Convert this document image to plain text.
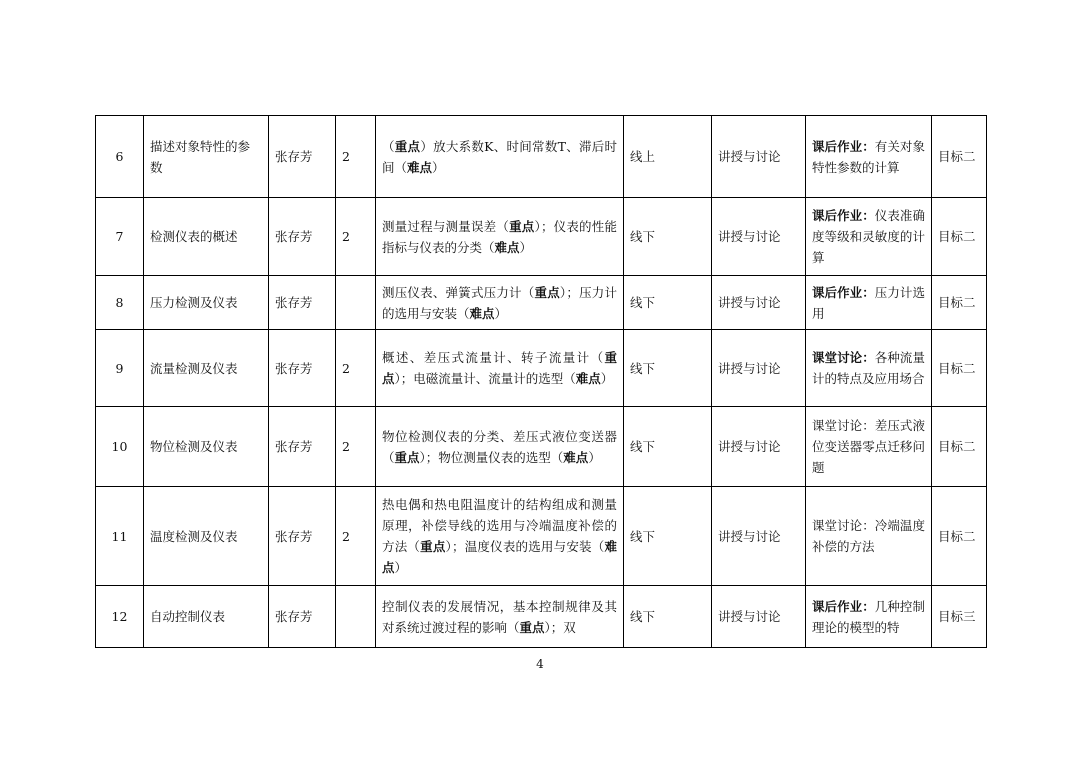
6	描述对象特性的参数	张存芳	2	（重点）放大系数K、时间常数T、滞后时间（难点）	线上	讲授与讨论	课后作业：有关对象特性参数的计算	目标二
7	检测仪表的概述	张存芳	2	测量过程与测量误差（重点）；仪表的性能指标与仪表的分类（难点）	线下	讲授与讨论	课后作业：仪表准确度等级和灵敏度的计算	目标二
8	压力检测及仪表	张存芳		测压仪表、弹簧式压力计（重点）；压力计的选用与安装（难点）	线下	讲授与讨论	课后作业：压力计选用	目标二
9	流量检测及仪表	张存芳	2	概述、差压式流量计、转子流量计（重点）；电磁流量计、流量计的选型（难点）	线下	讲授与讨论	课堂讨论：各种流量计的特点及应用场合	目标二
10	物位检测及仪表	张存芳	2	物位检测仪表的分类、差压式液位变送器（重点）；物位测量仪表的选型（难点）	线下	讲授与讨论	课堂讨论：差压式液位变送器零点迁移问题	目标二
11	温度检测及仪表	张存芳	2	热电偶和热电阻温度计的结构组成和测量原理，补偿导线的选用与冷端温度补偿的方法（重点）；温度仪表的选用与安装（难点）	线下	讲授与讨论	课堂讨论：冷端温度补偿的方法	目标二
12	自动控制仪表	张存芳		控制仪表的发展情况，基本控制规律及其对系统过渡过程的影响（重点）；双	线下	讲授与讨论	课后作业：几种控制理论的模型的特	目标三
4
